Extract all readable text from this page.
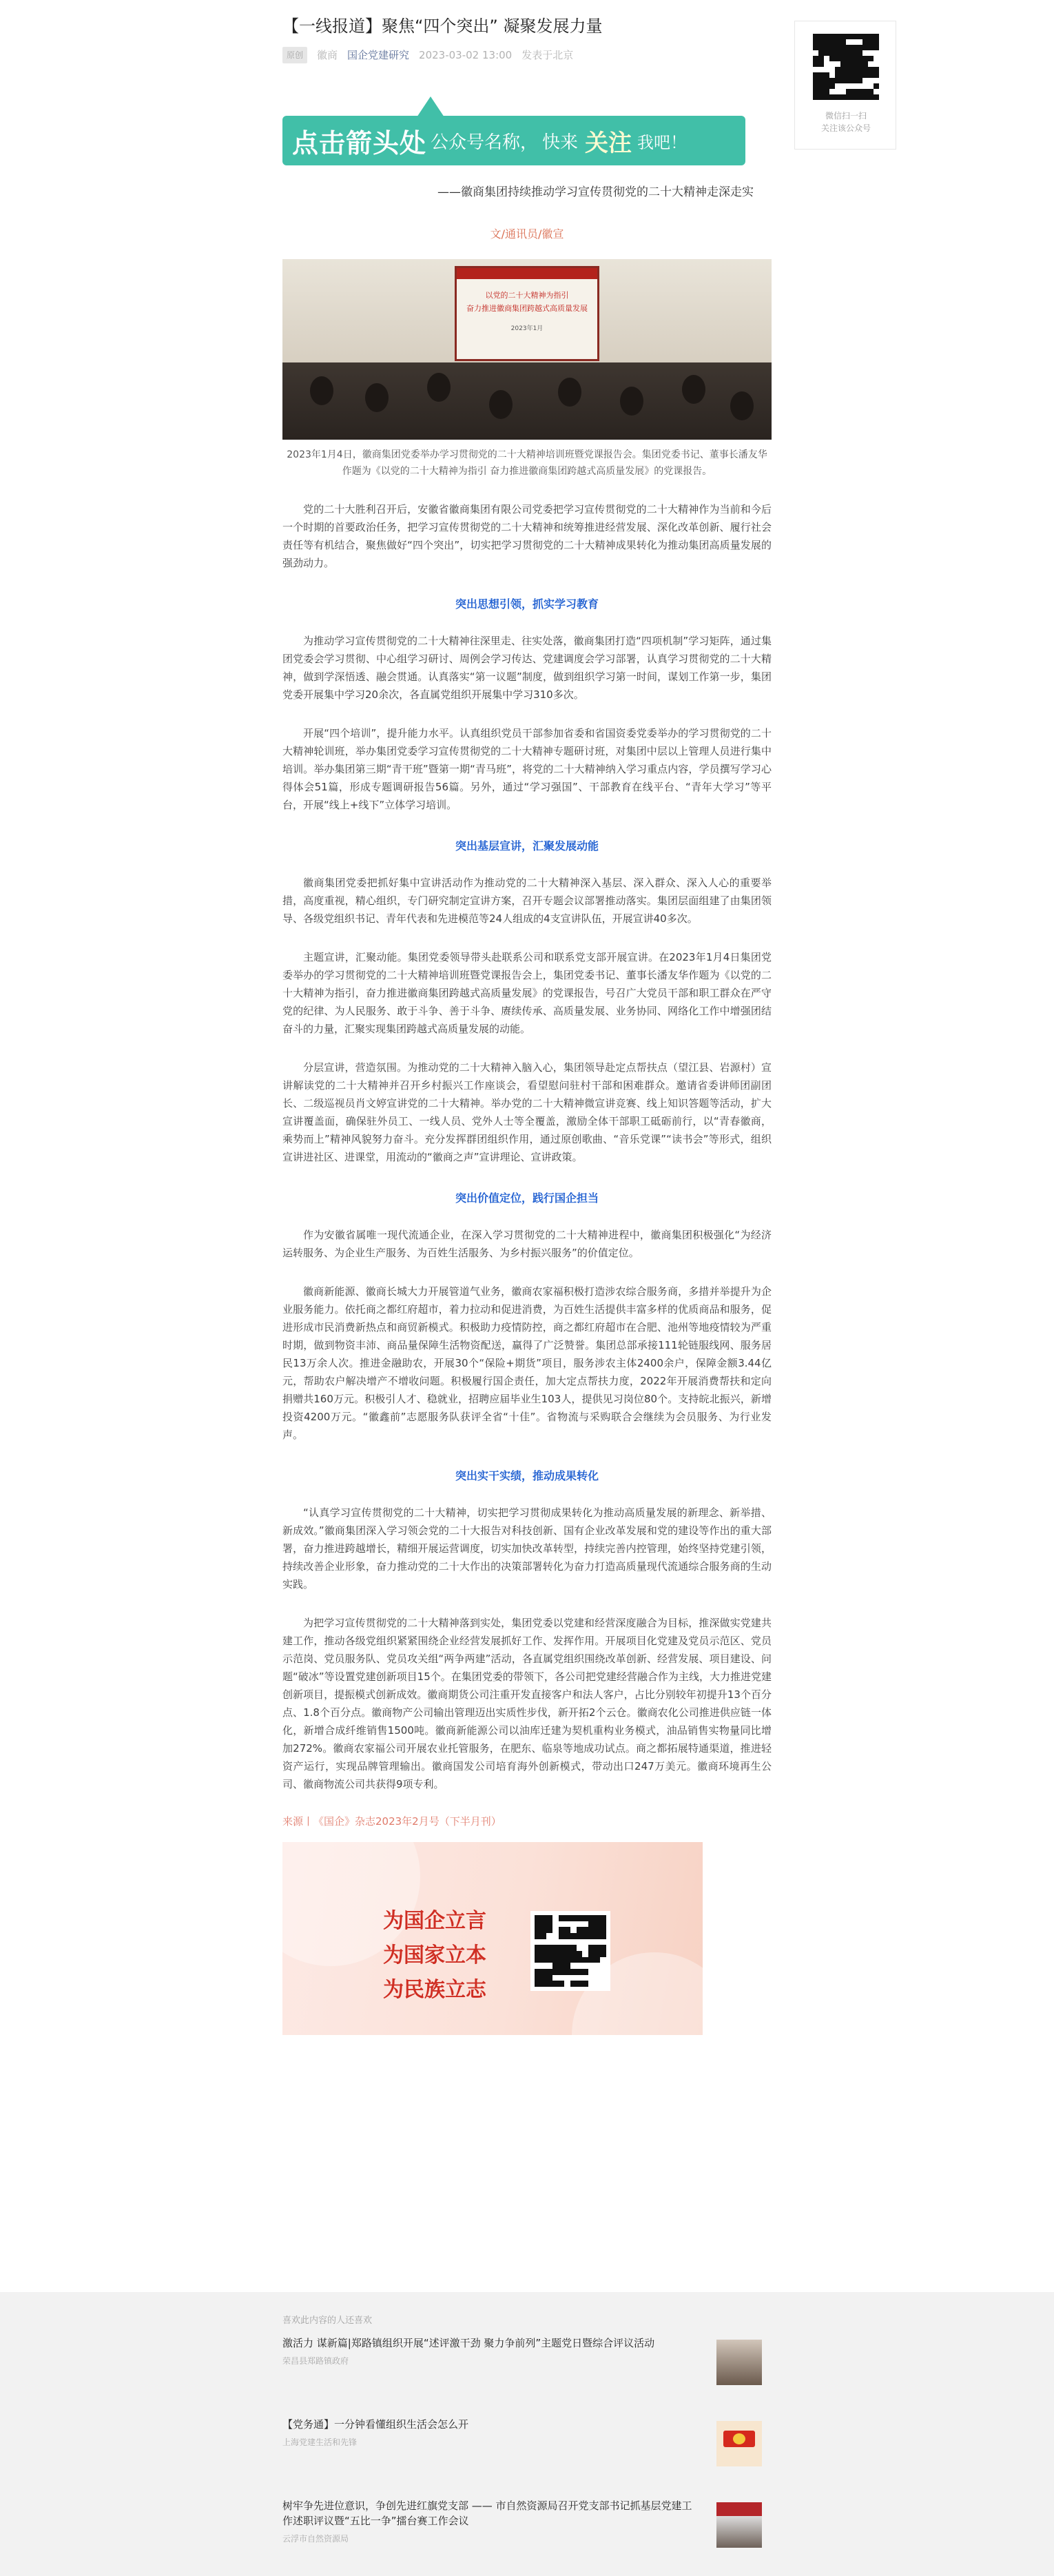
【一线报道】聚焦“四个突出” 凝聚发展力量
原创	徽商 国企党建研究 2023-03-02 13:00 发表于北京
点击箭头处 公众号名称， 快来 关注 我吧！
——徽商集团持续推动学习宣传贯彻党的二十大精神走深走实
文/通讯员/徽宣
以党的二十大精神为指引
奋力推进徽商集团跨越式高质量发展
2023年1月
2023年1月4日，徽商集团党委举办学习贯彻党的二十大精神培训班暨党课报告会。集团党委书记、董事长潘友华作题为《以党的二十大精神为指引 奋力推进徽商集团跨越式高质量发展》的党课报告。
党的二十大胜利召开后，安徽省徽商集团有限公司党委把学习宣传贯彻党的二十大精神作为当前和今后一个时期的首要政治任务，把学习宣传贯彻党的二十大精神和统筹推进经营发展、深化改革创新、履行社会责任等有机结合，聚焦做好“四个突出”，切实把学习贯彻党的二十大精神成果转化为推动集团高质量发展的强劲动力。
突出思想引领，抓实学习教育
为推动学习宣传贯彻党的二十大精神往深里走、往实处落，徽商集团打造“四项机制”学习矩阵，通过集团党委会学习贯彻、中心组学习研讨、周例会学习传达、党建调度会学习部署，认真学习贯彻党的二十大精神，做到学深悟透、融会贯通。认真落实“第一议题”制度，做到组织学习第一时间，谋划工作第一步，集团党委开展集中学习20余次，各直属党组织开展集中学习310多次。
开展“四个培训”，提升能力水平。认真组织党员干部参加省委和省国资委党委举办的学习贯彻党的二十大精神轮训班，举办集团党委学习宣传贯彻党的二十大精神专题研讨班，对集团中层以上管理人员进行集中培训。举办集团第三期“青干班”暨第一期“青马班”，将党的二十大精神纳入学习重点内容，学员撰写学习心得体会51篇，形成专题调研报告56篇。另外，通过“学习强国”、干部教育在线平台、“青年大学习”等平台，开展“线上+线下”立体学习培训。
突出基层宣讲，汇聚发展动能
徽商集团党委把抓好集中宣讲活动作为推动党的二十大精神深入基层、深入群众、深入人心的重要举措，高度重视，精心组织，专门研究制定宣讲方案，召开专题会议部署推动落实。集团层面组建了由集团领导、各级党组织书记、青年代表和先进模范等24人组成的4支宣讲队伍，开展宣讲40多次。
主题宣讲，汇聚动能。集团党委领导带头赴联系公司和联系党支部开展宣讲。在2023年1月4日集团党委举办的学习贯彻党的二十大精神培训班暨党课报告会上，集团党委书记、董事长潘友华作题为《以党的二十大精神为指引，奋力推进徽商集团跨越式高质量发展》的党课报告，号召广大党员干部和职工群众在严守党的纪律、为人民服务、敢于斗争、善于斗争、赓续传承、高质量发展、业务协同、网络化工作中增强团结奋斗的力量，汇聚实现集团跨越式高质量发展的动能。
分层宣讲，营造氛围。为推动党的二十大精神入脑入心，集团领导赴定点帮扶点（望江县、岩源村）宣讲解读党的二十大精神并召开乡村振兴工作座谈会，看望慰问驻村干部和困难群众。邀请省委讲师团副团长、二级巡视员肖文婷宣讲党的二十大精神。举办党的二十大精神微宣讲竞赛、线上知识答题等活动，扩大宣讲覆盖面，确保驻外员工、一线人员、党外人士等全覆盖，激励全体干部职工砥砺前行，以“青春徽商，乘势而上”精神风貌努力奋斗。充分发挥群团组织作用，通过原创歌曲、“音乐党课”“读书会”等形式，组织宣讲进社区、进课堂，用流动的“徽商之声”宣讲理论、宣讲政策。
突出价值定位，践行国企担当
作为安徽省属唯一现代流通企业，在深入学习贯彻党的二十大精神进程中，徽商集团积极强化“为经济运转服务、为企业生产服务、为百姓生活服务、为乡村振兴服务”的价值定位。
徽商新能源、徽商长城大力开展管道气业务，徽商农家福积极打造涉农综合服务商，多措并举提升为企业服务能力。依托商之都红府超市，着力拉动和促进消费，为百姓生活提供丰富多样的优质商品和服务，促进形成市民消费新热点和商贸新模式。积极助力疫情防控，商之都红府超市在合肥、池州等地疫情较为严重时期，做到物资丰沛、商品量保障生活物资配送，赢得了广泛赞誉。集团总部承接111轮链服线网、服务居民13万余人次。推进金融助农，开展30个“保险+期货”项目，服务涉农主体2400余户，保障金额3.44亿元，帮助农户解决增产不增收问题。积极履行国企责任，加大定点帮扶力度，2022年开展消费帮扶和定向捐赠共160万元。积极引人才、稳就业，招聘应届毕业生103人，提供见习岗位80个。支持皖北振兴，新增投资4200万元。“徽鑫前”志愿服务队获评全省“十佳”。省物流与采购联合会继续为会员服务、为行业发声。
突出实干实绩，推动成果转化
“认真学习宣传贯彻党的二十大精神，切实把学习贯彻成果转化为推动高质量发展的新理念、新举措、新成效。”徽商集团深入学习领会党的二十大报告对科技创新、国有企业改革发展和党的建设等作出的重大部署，奋力推进跨越增长，精细开展运营调度，切实加快改革转型，持续完善内控管理，始终坚持党建引领，持续改善企业形象，奋力推动党的二十大作出的决策部署转化为奋力打造高质量现代流通综合服务商的生动实践。
为把学习宣传贯彻党的二十大精神落到实处，集团党委以党建和经营深度融合为目标，推深做实党建共建工作，推动各级党组织紧紧围绕企业经营发展抓好工作、发挥作用。开展项目化党建及党员示范区、党员示范岗、党员服务队、党员攻关组“两争两建”活动，各直属党组织围绕改革创新、经营发展、项目建设、问题“破冰”等设置党建创新项目15个。在集团党委的带领下，各公司把党建经营融合作为主线，大力推进党建创新项目，提振模式创新成效。徽商期货公司注重开发直接客户和法人客户，占比分别较年初提升13个百分点、1.8个百分点。徽商物产公司输出管理迈出实质性步伐，新开拓2个云仓。徽商农化公司推进供应链一体化，新增合成纤维销售1500吨。徽商新能源公司以油库迁建为契机重构业务模式，油品销售实物量同比增加272%。徽商农家福公司开展农业托管服务，在肥东、临泉等地成功试点。商之都拓展特通渠道，推进轻资产运行，实现品牌管理输出。徽商国发公司培育海外创新模式，带动出口247万美元。徽商环境再生公司、徽商物流公司共获得9项专利。
来源丨《国企》杂志2023年2月号（下半月刊）
为国企立言
为国家立本
为民族立志
微信扫一扫
关注该公众号
喜欢此内容的人还喜欢
激活力 谋新篇|郑路镇组织开展“述评激干劲 聚力争前列”主题党日暨综合评议活动
荣昌县郑路镇政府
【党务通】一分钟看懂组织生活会怎么开
上海党建生活和先锋
树牢争先进位意识，争创先进红旗党支部 —— 市自然资源局召开党支部书记抓基层党建工作述职评议暨“五比一争”擂台赛工作会议
云浮市自然资源局
